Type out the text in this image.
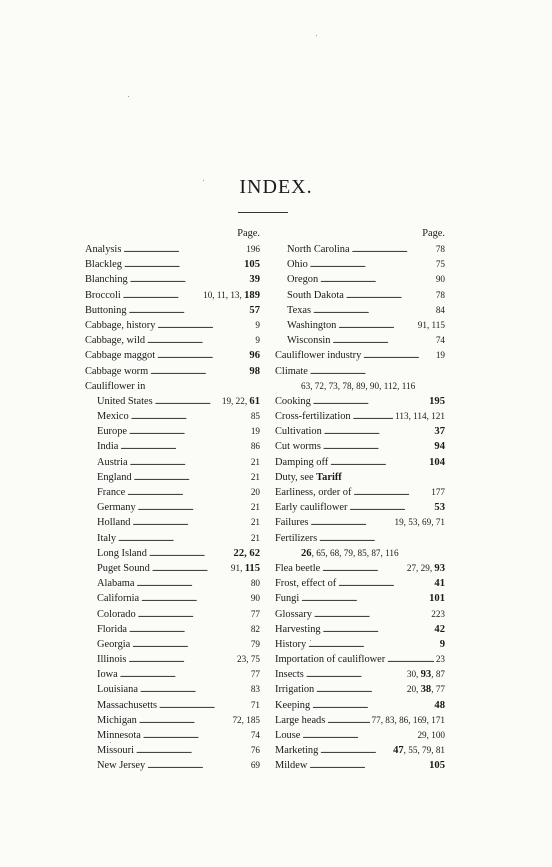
INDEX.
Page.
Analysis . . .	196
Blackleg . . .	105
Blanching . . .	39
Broccoli . . .	10, 11, 13, 189
Buttoning . . .	57
Cabbage, history . . .	9
Cabbage, wild . . .	9
Cabbage maggot . . .	96
Cabbage worm . . .	98
Cauliflower in
United States . . .	19, 22, 61
Mexico . . .	85
Europe . . .	19
India . . .	86
Austria . . .	21
England . . .	21
France . . .	20
Germany . . .	21
Holland . . .	21
Italy . . .	21
Long Island . . .	22, 62
Puget Sound . . .	91, 115
Alabama . . .	80
California . . .	90
Colorado . . .	77
Florida . . .	82
Georgia . . .	79
Illinois . . .	23, 75
Iowa . . .	77
Louisiana . . .	83
Massachusetts . . .	71
Michigan . . .	72, 185
Minnesota . . .	74
Missouri . . .	76
New Jersey . . .	69
Page.
North Carolina . . .	78
Ohio . . .	75
Oregon . . .	90
South Dakota . . .	78
Texas . . .	84
Washington . . .	91, 115
Wisconsin . . .	74
Cauliflower industry . . .	19
Climate
. . .
63, 72, 73, 78, 89, 90, 112, 116
Cooking . . .	195
Cross-fertilization . . .	113, 114, 121
Cultivation . . .	37
Cut worms . . .	94
Damping off . . .	104
Duty, see Tariff
Earliness, order of . . .	177
Early cauliflower . . .	53
Failures . . .	19, 53, 69, 71
Fertilizers
. . .
26, 65, 68, 79, 85, 87, 116
Flea beetle . . .	27, 29, 93
Frost, effect of . . .	41
Fungi . . .	101
Glossary . . .	223
Harvesting . . .	42
History . . .	9
Importation of cauliflower . . .	23
Insects . . .	30, 93, 87
Irrigation . . .	20, 38, 77
Keeping . . .	48
Large heads . . .	77, 83, 86, 169, 171
Louse . . .	29, 100
Marketing . . .	47, 55, 79, 81
Mildew . . .	105
